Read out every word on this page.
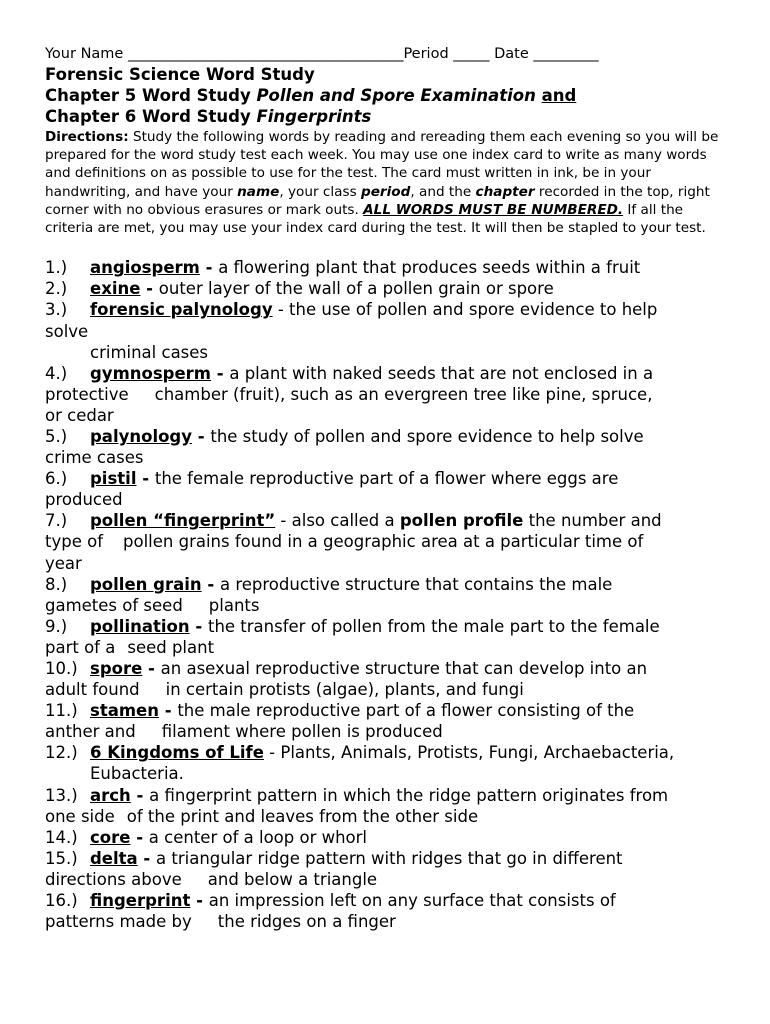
Your Name ______________________________________Period _____ Date _________
Forensic Science Word Study
Chapter 5 Word Study Pollen and Spore Examination and
Chapter 6 Word Study Fingerprints
Directions: Study the following words by reading and rereading them each evening so you will be prepared for the word study test each week. You may use one index card to write as many words and definitions on as possible to use for the test. The card must written in ink, be in your handwriting, and have your name, your class period, and the chapter recorded in the top, right corner with no obvious erasures or mark outs. ALL WORDS MUST BE NUMBERED. If all the criteria are met, you may use your index card during the test. It will then be stapled to your test.
1.) angiosperm - a flowering plant that produces seeds within a fruit
2.) exine - outer layer of the wall of a pollen grain or spore
3.) forensic palynology - the use of pollen and spore evidence to help
solve
criminal cases
4.) gymnosperm - a plant with naked seeds that are not enclosed in a
protective chamber (fruit), such as an evergreen tree like pine, spruce,
or cedar
5.) palynology - the study of pollen and spore evidence to help solve
crime cases
6.) pistil - the female reproductive part of a flower where eggs are
produced
7.) pollen “fingerprint” - also called a pollen profile the number and
type of pollen grains found in a geographic area at a particular time of
year
8.) pollen grain - a reproductive structure that contains the male
gametes of seed plants
9.) pollination - the transfer of pollen from the male part to the female
part of a seed plant
10.) spore - an asexual reproductive structure that can develop into an
adult found in certain protists (algae), plants, and fungi
11.) stamen - the male reproductive part of a flower consisting of the
anther and filament where pollen is produced
12.) 6 Kingdoms of Life - Plants, Animals, Protists, Fungi, Archaebacteria,
Eubacteria.
13.) arch - a fingerprint pattern in which the ridge pattern originates from
one side of the print and leaves from the other side
14.) core - a center of a loop or whorl
15.) delta - a triangular ridge pattern with ridges that go in different
directions above and below a triangle
16.) fingerprint - an impression left on any surface that consists of
patterns made by the ridges on a finger
